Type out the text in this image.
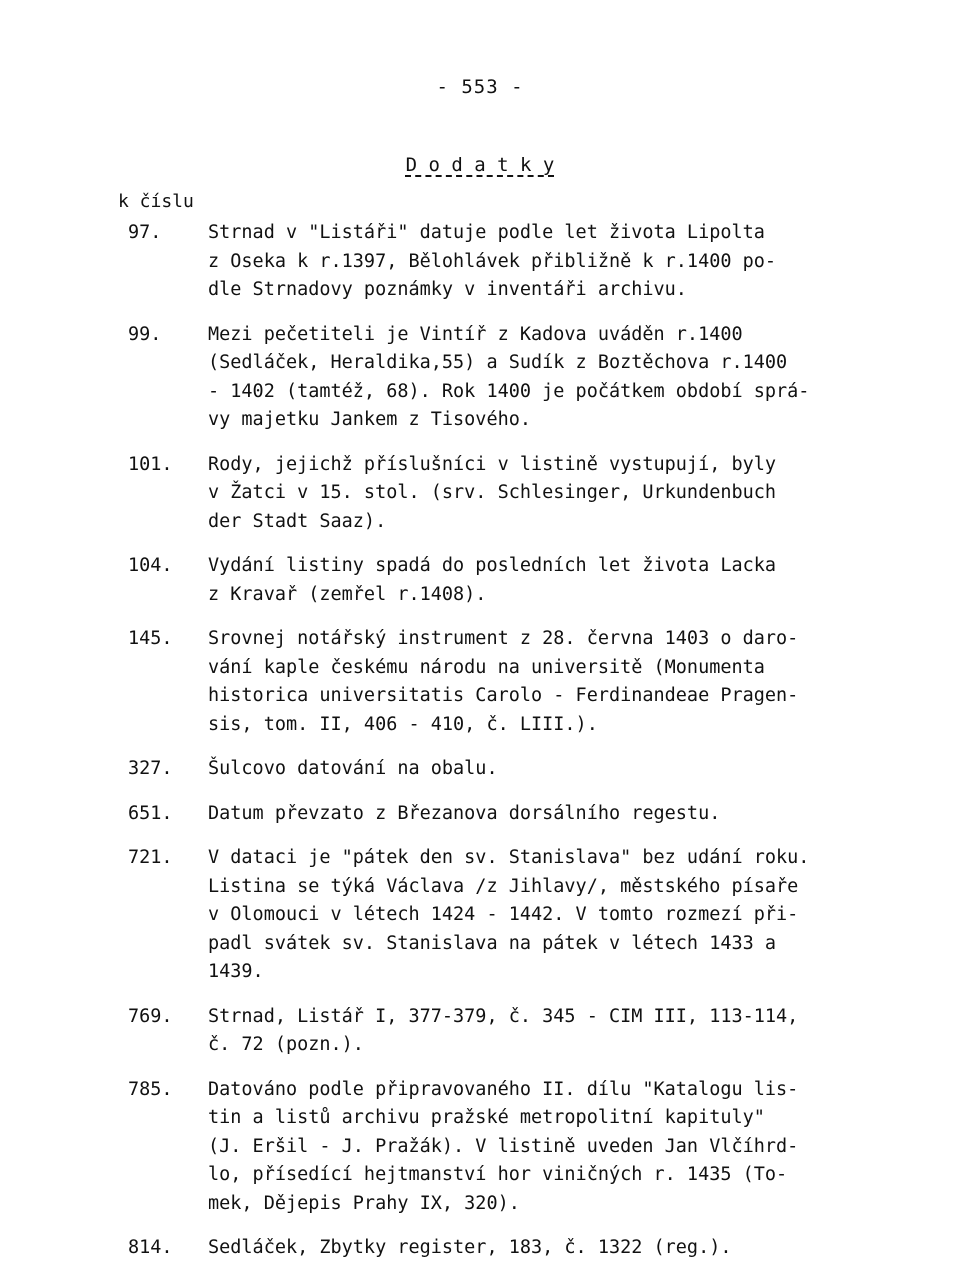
- 553 -
D o d a t k y
k číslu
97.	Strnad v "Listáři" datuje podle let života Lipolta
z Oseka k r.1397, Bělohlávek přibližně k r.1400 po-
dle Strnadovy poznámky v inventáři archivu.
99.	Mezi pečetiteli je Vintíř z Kadova uváděn r.1400
(Sedláček, Heraldika,55) a Sudík z Boztěchova r.1400
- 1402 (tamtéž, 68). Rok 1400 je počátkem období sprá-
vy majetku Jankem z Tisového.
101. Rody, jejichž příslušníci v listině vystupují, byly
v Žatci v 15. stol. (srv. Schlesinger, Urkundenbuch
der Stadt Saaz).
104. Vydání listiny spadá do posledních let života Lacka
z Kravař (zemřel r.1408).
145. Srovnej notářský instrument z 28. června 1403 o daro-
vání kaple českému národu na universitě (Monumenta
historica universitatis Carolo - Ferdinandeae Pragen-
sis, tom. II, 406 - 410, č. LIII.).
327. Šulcovo datování na obalu.
651. Datum převzato z Březanova dorsálního regestu.
721. V dataci je "pátek den sv. Stanislava" bez udání roku.
Listina se týká Václava /z Jihlavy/, městského písaře
v Olomouci v létech 1424 - 1442. V tomto rozmezí při-
padl svátek sv. Stanislava na pátek v létech 1433 a
1439.
769. Strnad, Listář I, 377-379, č. 345 - CIM III, 113-114,
č. 72 (pozn.).
785. Datováno podle připravovaného II. dílu "Katalogu lis-
tin a listů archivu pražské metropolitní kapituly"
(J. Eršil - J. Pražák). V listině uveden Jan Vlčíhrd-
lo, přísedící hejtmanství hor viničných r. 1435 (To-
mek, Dějepis Prahy IX, 320).
814. Sedláček, Zbytky register, 183, č. 1322 (reg.).
